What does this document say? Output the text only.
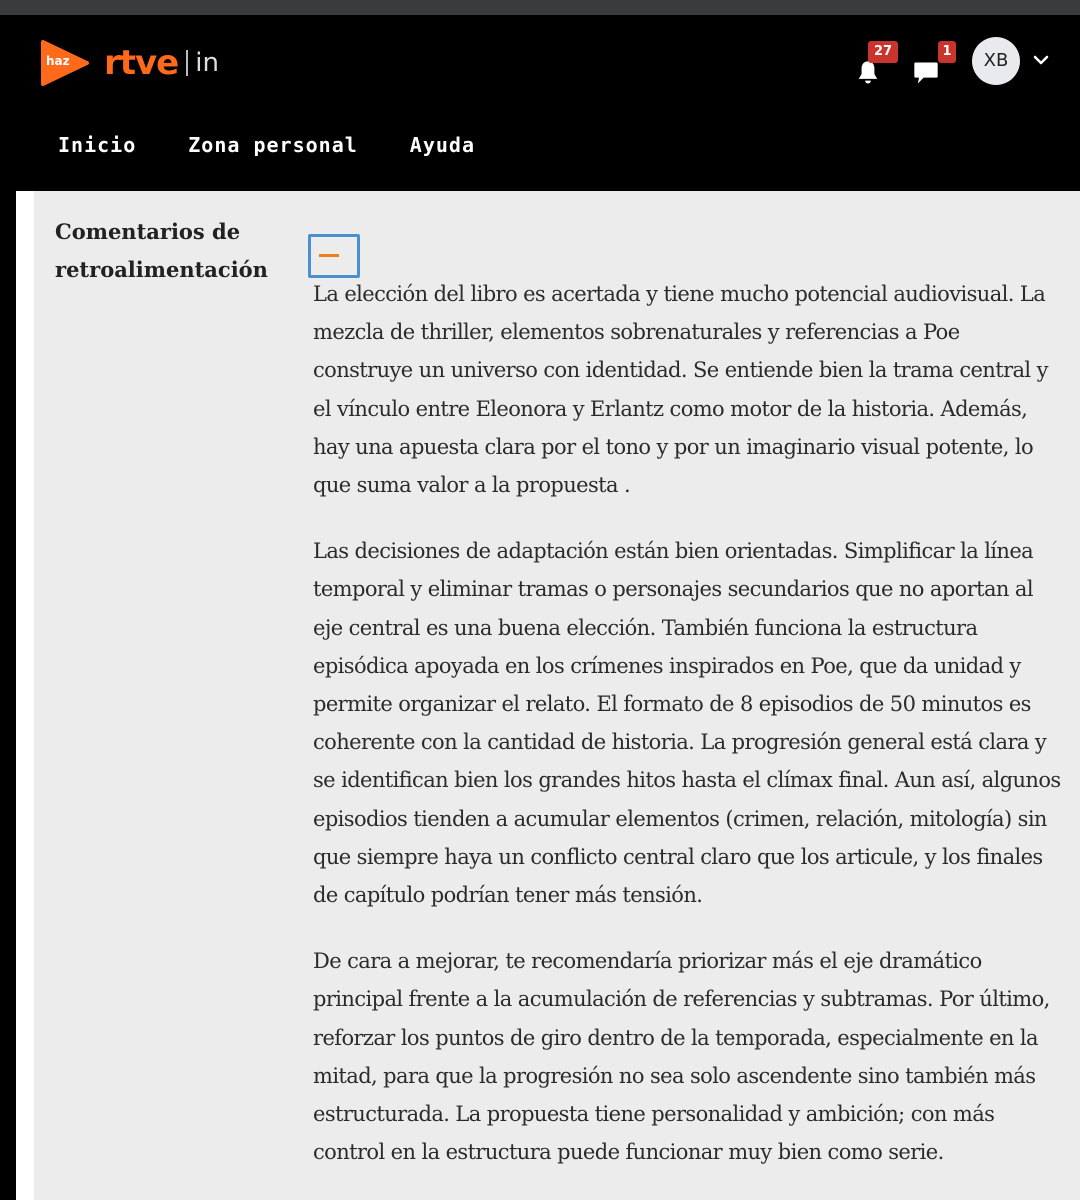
haz rtve in	27	1	XB
Inicio	Zona personal	Ayuda
Comentarios de retroalimentación

La elección del libro es acertada y tiene mucho potencial audiovisual. La mezcla de thriller, elementos sobrenaturales y referencias a Poe construye un universo con identidad. Se entiende bien la trama central y el vínculo entre Eleonora y Erlantz como motor de la historia. Además, hay una apuesta clara por el tono y por un imaginario visual potente, lo que suma valor a la propuesta .

Las decisiones de adaptación están bien orientadas. Simplificar la línea temporal y eliminar tramas o personajes secundarios que no aportan al eje central es una buena elección. También funciona la estructura episódica apoyada en los crímenes inspirados en Poe, que da unidad y permite organizar el relato. El formato de 8 episodios de 50 minutos es coherente con la cantidad de historia. La progresión general está clara y se identifican bien los grandes hitos hasta el clímax final. Aun así, algunos episodios tienden a acumular elementos (crimen, relación, mitología) sin que siempre haya un conflicto central claro que los articule, y los finales de capítulo podrían tener más tensión.

De cara a mejorar, te recomendaría priorizar más el eje dramático principal frente a la acumulación de referencias y subtramas. Por último, reforzar los puntos de giro dentro de la temporada, especialmente en la mitad, para que la progresión no sea solo ascendente sino también más estructurada. La propuesta tiene personalidad y ambición; con más control en la estructura puede funcionar muy bien como serie.
